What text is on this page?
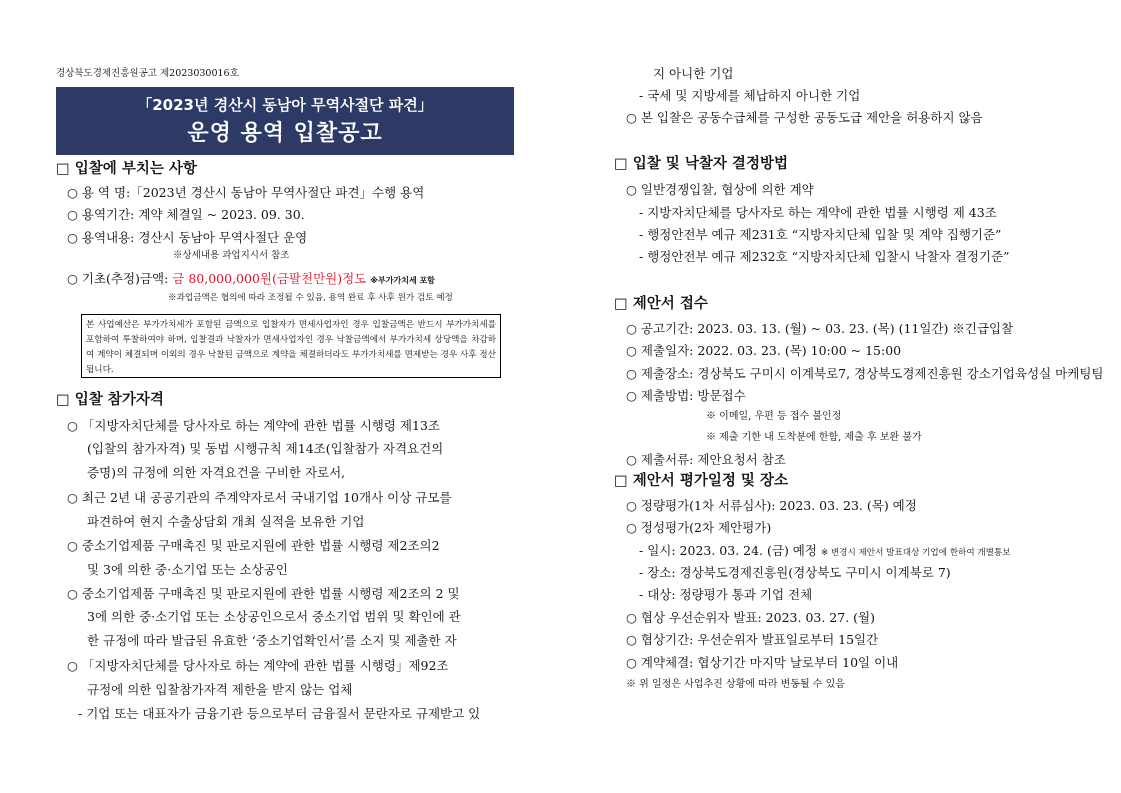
경상북도경제진흥원공고 제2023030016호
「2023년 경산시 동남아 무역사절단 파견」
운영 용역 입찰공고
□ 입찰에 부치는 사항
○ 용 역 명:「2023년 경산시 동남아 무역사절단 파견」수행 용역
○ 용역기간: 계약 체결일 ~ 2023. 09. 30.
○ 용역내용: 경산시 동남아 무역사절단 운영
※상세내용 과업지시서 참조
○ 기초(추정)금액: 금 80,000,000원(금팔천만원)정도 ※부가가치세 포함
※과업금액은 협의에 따라 조정될 수 있음, 용역 완료 후 사후 원가 검토 예정
본 사업예산은 부가가치세가 포함된 금액으로 입찰자가 면세사업자인 경우 입찰금액은 반드시 부가가치세를 포함하여 투찰하여야 하며, 입찰결과 낙찰자가 면세사업자인 경우 낙찰금액에서 부가가치세 상당액을 차감하여 계약이 체결되며 이외의 경우 낙찰된 금액으로 계약을 체결하더라도 부가가치세를 면제받는 경우 사후 정산됩니다.
□ 입찰 참가자격
○ 「지방자치단체를 당사자로 하는 계약에 관한 법률 시행령 제13조
(입찰의 참가자격) 및 동법 시행규칙 제14조(입찰참가 자격요건의
증명)의 규정에 의한 자격요건을 구비한 자로서,
○ 최근 2년 내 공공기관의 주계약자로서 국내기업 10개사 이상 규모를
파견하여 현지 수출상담회 개최 실적을 보유한 기업
○ 중소기업제품 구매촉진 및 판로지원에 관한 법률 시행령 제2조의2
및 3에 의한 중·소기업 또는 소상공인
○ 중소기업제품 구매촉진 및 판로지원에 관한 법률 시행령 제2조의 2 및
3에 의한 중·소기업 또는 소상공인으로서 중소기업 범위 및 확인에 관
한 규정에 따라 발급된 유효한 ‘중소기업확인서’를 소지 및 제출한 자
○ 「지방자치단체를 당사자로 하는 계약에 관한 법률 시행령」제92조
규정에 의한 입찰참가자격 제한을 받지 않는 업체
- 기업 또는 대표자가 금융기관 등으로부터 금융질서 문란자로 규제받고 있
지 아니한 기업
- 국세 및 지방세를 체납하지 아니한 기업
○ 본 입찰은 공동수급체를 구성한 공동도급 제안을 허용하지 않음
□ 입찰 및 낙찰자 결정방법
○ 일반경쟁입찰, 협상에 의한 계약
- 지방자치단체를 당사자로 하는 계약에 관한 법률 시행령 제 43조
- 행정안전부 예규 제231호 “지방자치단체 입찰 및 계약 집행기준”
- 행정안전부 예규 제232호 “지방자치단체 입찰시 낙찰자 결정기준”
□ 제안서 접수
○ 공고기간: 2023. 03. 13. (월) ~ 03. 23. (목) (11일간) ※긴급입찰
○ 제출일자: 2022. 03. 23. (목) 10:00 ~ 15:00
○ 제출장소: 경상북도 구미시 이계북로7, 경상북도경제진흥원 강소기업육성실 마케팅팀
○ 제출방법: 방문접수
※ 이메일, 우편 등 접수 불인정
※ 제출 기한 내 도착분에 한함, 제출 후 보완 불가
○ 제출서류: 제안요청서 참조
□ 제안서 평가일정 및 장소
○ 정량평가(1차 서류심사): 2023. 03. 23. (목) 예정
○ 정성평가(2차 제안평가)
- 일시: 2023. 03. 24. (금) 예정 ※ 변경시 제안서 발표대상 기업에 한하여 개별통보
- 장소: 경상북도경제진흥원(경상북도 구미시 이계북로 7)
- 대상: 정량평가 통과 기업 전체
○ 협상 우선순위자 발표: 2023. 03. 27. (월)
○ 협상기간: 우선순위자 발표일로부터 15일간
○ 계약체결: 협상기간 마지막 날로부터 10일 이내
※ 위 일정은 사업추진 상황에 따라 변동될 수 있음
